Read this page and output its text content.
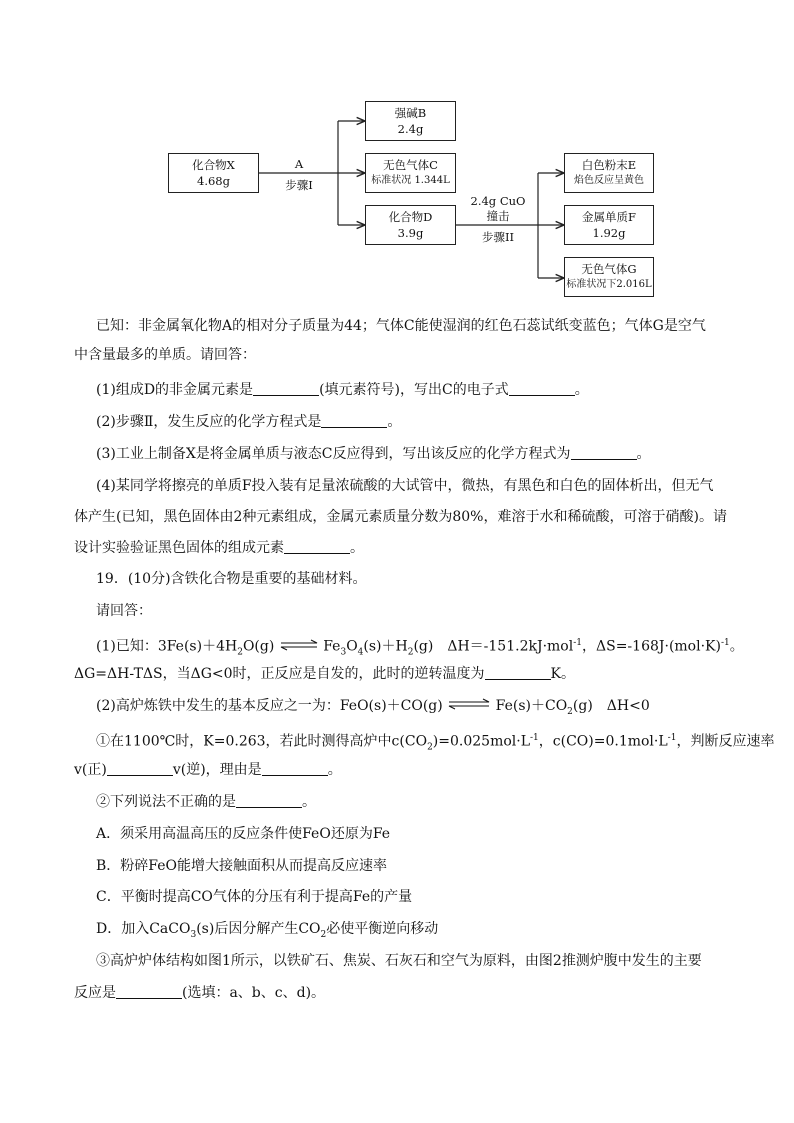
化合物X
4.68g
A
步骤I
强碱B
2.4g
无色气体C
标准状况 1.344L
化合物D
3.9g
2.4g CuO
撞击
步骤II
白色粉末E
焰色反应呈黄色
金属单质F
1.92g
无色气体G
标准状况下2.016L
已知：非金属氧化物A的相对分子质量为44；气体C能使湿润的红色石蕊试纸变蓝色；气体G是空气
中含量最多的单质。请回答：
(1)组成D的非金属元素是	(填元素符号)，写出C的电子式	。
(2)步骤Ⅱ，发生反应的化学方程式是	。
(3)工业上制备X是将金属单质与液态C反应得到，写出该反应的化学方程式为	。
(4)某同学将擦亮的单质F投入装有足量浓硫酸的大试管中，微热，有黑色和白色的固体析出，但无气
体产生(已知，黑色固体由2种元素组成，金属元素质量分数为80%，难溶于水和稀硫酸，可溶于硝酸)。请
设计实验验证黑色固体的组成元素	。
19．(10分)含铁化合物是重要的基础材料。
请回答：
(1)已知：$3Fe(s)+4H_2O(g)$ ⇌ $Fe_3O_4(s)+H_2(g)$　ΔH＝-151.2kJ·mol$^{-1}$，$\Delta S=-168J\cdot(mol\cdot K)^{-1}$。
ΔG=ΔH-TΔS，当ΔG<0时，正反应是自发的，此时的逆转温度为	K。
(2)高炉炼铁中发生的基本反应之一为：FeO(s)＋CO(g) ⇌ $Fe(s)+CO_2(g)$　ΔH<0
①在1100℃时，K=0.263，若此时测得高炉中$c(CO_2)=0.025mol\cdot L^{-1}$，$c(CO)=0.1mol\cdot L^{-1}$，判断反应速率
v(正)	v(逆)，理由是	。
②下列说法不正确的是	。
A．须采用高温高压的反应条件使FeO还原为Fe
B．粉碎FeO能增大接触面积从而提高反应速率
C．平衡时提高CO气体的分压有利于提高Fe的产量
D．加入CaCO$_3$(s)后因分解产生$CO_2$必使平衡逆向移动
③高炉炉体结构如图1所示，以铁矿石、焦炭、石灰石和空气为原料，由图2推测炉腹中发生的主要
反应是	(选填：a、b、c、d)。
